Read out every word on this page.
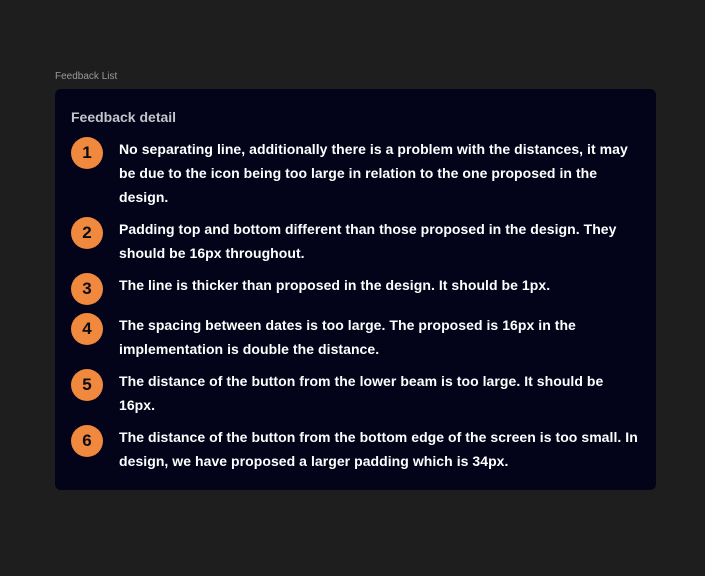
Feedback List
Feedback detail
1	No separating line, additionally there is a problem with the distances, it may be due to the icon being too large in relation to the one proposed in the design.
2	Padding top and bottom different than those proposed in the design. They should be 16px throughout.
3	The line is thicker than proposed in the design. It should be 1px.
4	The spacing between dates is too large. The proposed is 16px in the implementation is double the distance.
5	The distance of the button from the lower beam is too large. It should be 16px.
6	The distance of the button from the bottom edge of the screen is too small. In design, we have proposed a larger padding which is 34px.
